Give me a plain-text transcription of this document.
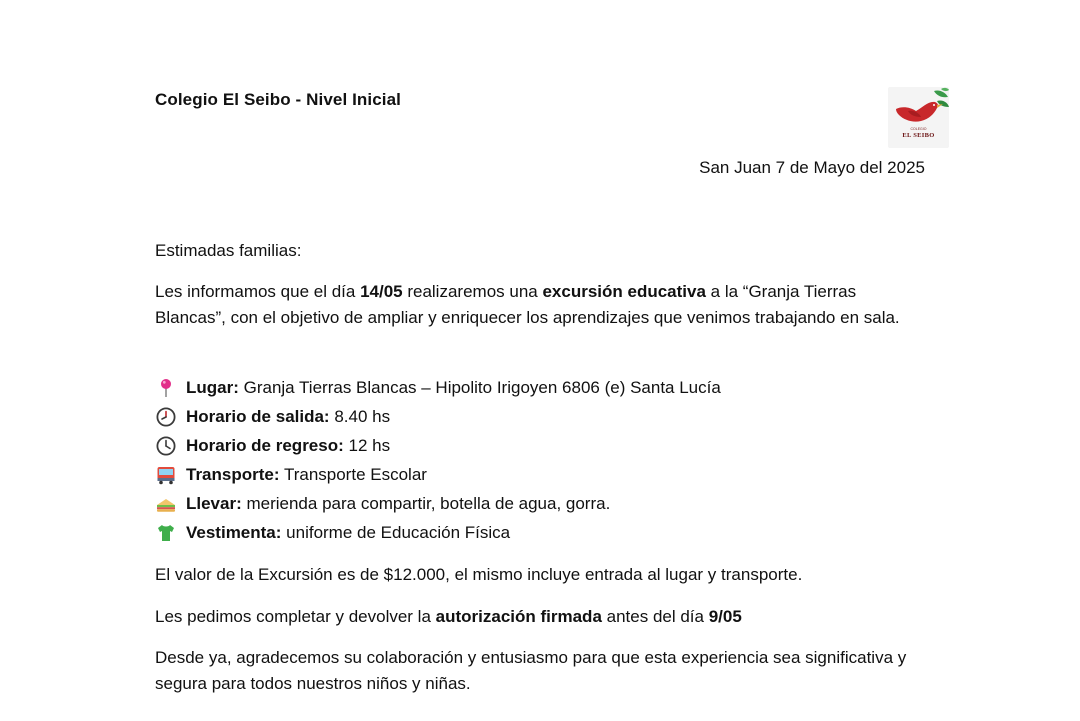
Colegio El Seibo - Nivel Inicial
COLEGIO
EL SEIBO
San Juan 7 de Mayo del 2025
Estimadas familias:
Les informamos que el día 14/05 realizaremos una excursión educativa a la “Granja Tierras Blancas”, con el objetivo de ampliar y enriquecer los aprendizajes que venimos trabajando en sala.
Lugar: Granja Tierras Blancas – Hipolito Irigoyen 6806 (e) Santa Lucía
Horario de salida: 8.40 hs
Horario de regreso: 12 hs
Transporte: Transporte Escolar
Llevar: merienda para compartir, botella de agua, gorra.
Vestimenta: uniforme de Educación Física
El valor de la Excursión es de $12.000, el mismo incluye entrada al lugar y transporte.
Les pedimos completar y devolver la autorización firmada antes del día 9/05
Desde ya, agradecemos su colaboración y entusiasmo para que esta experiencia sea significativa y segura para todos nuestros niños y niñas.
